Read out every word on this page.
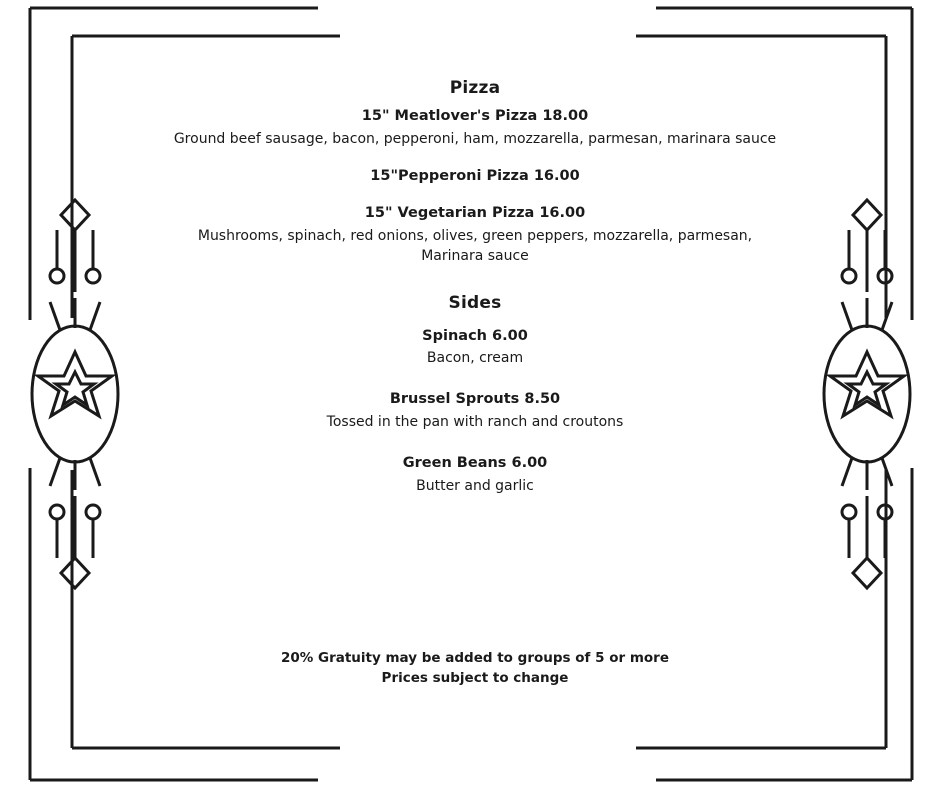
Pizza

15" Meatlover's Pizza 18.00

Ground beef sausage, bacon, pepperoni, ham, mozzarella, parmesan, marinara sauce

15"Pepperoni Pizza 16.00

15" Vegetarian Pizza 16.00

Mushrooms, spinach, red onions, olives, green peppers, mozzarella, parmesan, Marinara sauce

Sides

Spinach 6.00

Bacon, cream

Brussel Sprouts 8.50

Tossed in the pan with ranch and croutons

Green Beans 6.00

Butter and garlic

20% Gratuity may be added to groups of 5 or more

Prices subject to change
